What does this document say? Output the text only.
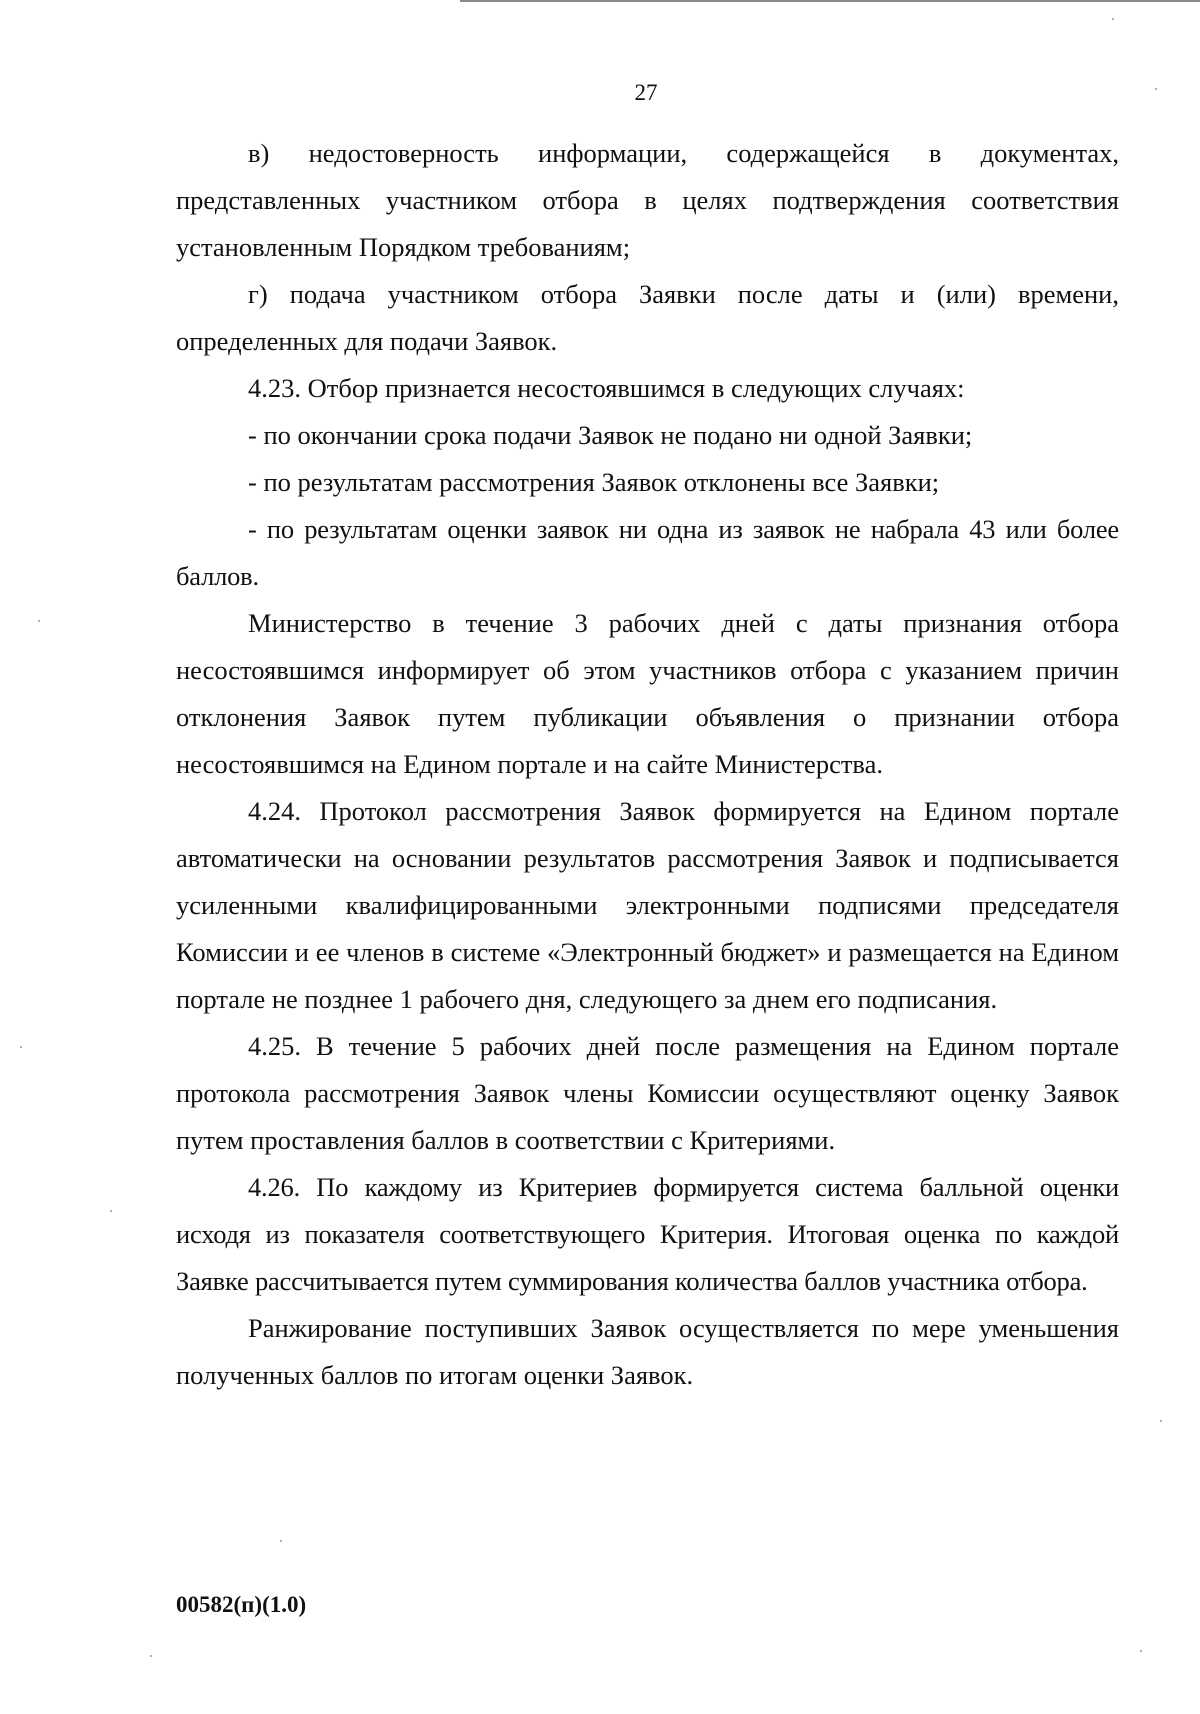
27

в) недостоверность информации, содержащейся в документах, представленных участником отбора в целях подтверждения соответствия установленным Порядком требованиям;

г) подача участником отбора Заявки после даты и (или) времени, определенных для подачи Заявок.

4.23. Отбор признается несостоявшимся в следующих случаях:

- по окончании срока подачи Заявок не подано ни одной Заявки;

- по результатам рассмотрения Заявок отклонены все Заявки;

- по результатам оценки заявок ни одна из заявок не набрала 43 или более баллов.

Министерство в течение 3 рабочих дней с даты признания отбора несостоявшимся информирует об этом участников отбора с указанием причин отклонения Заявок путем публикации объявления о признании отбора несостоявшимся на Едином портале и на сайте Министерства.

4.24. Протокол рассмотрения Заявок формируется на Едином портале автоматически на основании результатов рассмотрения Заявок и подписывается усиленными квалифицированными электронными подписями председателя Комиссии и ее членов в системе «Электронный бюджет» и размещается на Едином портале не позднее 1 рабочего дня, следующего за днем его подписания.

4.25. В течение 5 рабочих дней после размещения на Едином портале протокола рассмотрения Заявок члены Комиссии осуществляют оценку Заявок путем проставления баллов в соответствии с Критериями.

4.26. По каждому из Критериев формируется система балльной оценки исходя из показателя соответствующего Критерия. Итоговая оценка по каждой Заявке рассчитывается путем суммирования количества баллов участника отбора.

Ранжирование поступивших Заявок осуществляется по мере уменьшения полученных баллов по итогам оценки Заявок.

00582(п)(1.0)
